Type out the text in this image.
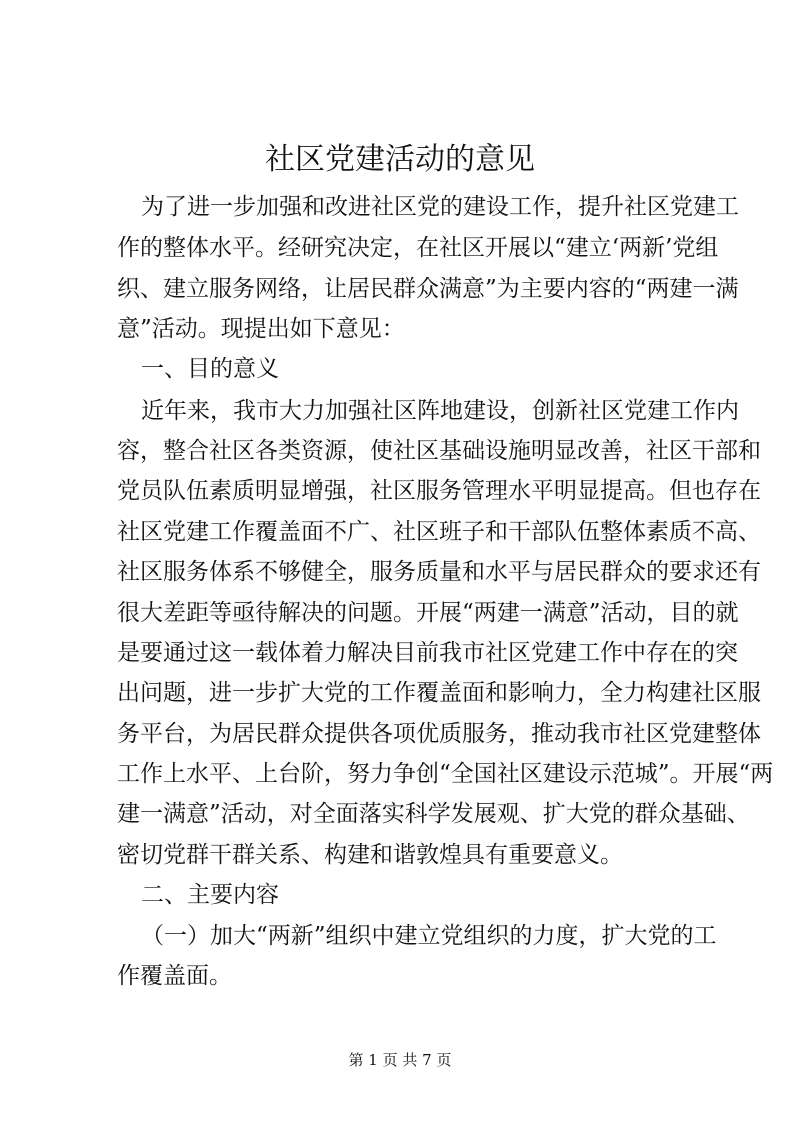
社区党建活动的意见
为了进一步加强和改进社区党的建设工作，提升社区党建工
作的整体水平。经研究决定，在社区开展以“建立‘两新’党组
织、建立服务网络，让居民群众满意”为主要内容的“两建一满
意”活动。现提出如下意见：
一、目的意义
近年来，我市大力加强社区阵地建设，创新社区党建工作内
容，整合社区各类资源，使社区基础设施明显改善，社区干部和
党员队伍素质明显增强，社区服务管理水平明显提高。但也存在
社区党建工作覆盖面不广、社区班子和干部队伍整体素质不高、
社区服务体系不够健全，服务质量和水平与居民群众的要求还有
很大差距等亟待解决的问题。开展“两建一满意”活动，目的就
是要通过这一载体着力解决目前我市社区党建工作中存在的突
出问题，进一步扩大党的工作覆盖面和影响力，全力构建社区服
务平台，为居民群众提供各项优质服务，推动我市社区党建整体
工作上水平、上台阶，努力争创“全国社区建设示范城”。开展“两
建一满意”活动，对全面落实科学发展观、扩大党的群众基础、
密切党群干群关系、构建和谐敦煌具有重要意义。
二、主要内容
（一）加大“两新”组织中建立党组织的力度，扩大党的工
作覆盖面。
第 1 页 共 7 页
